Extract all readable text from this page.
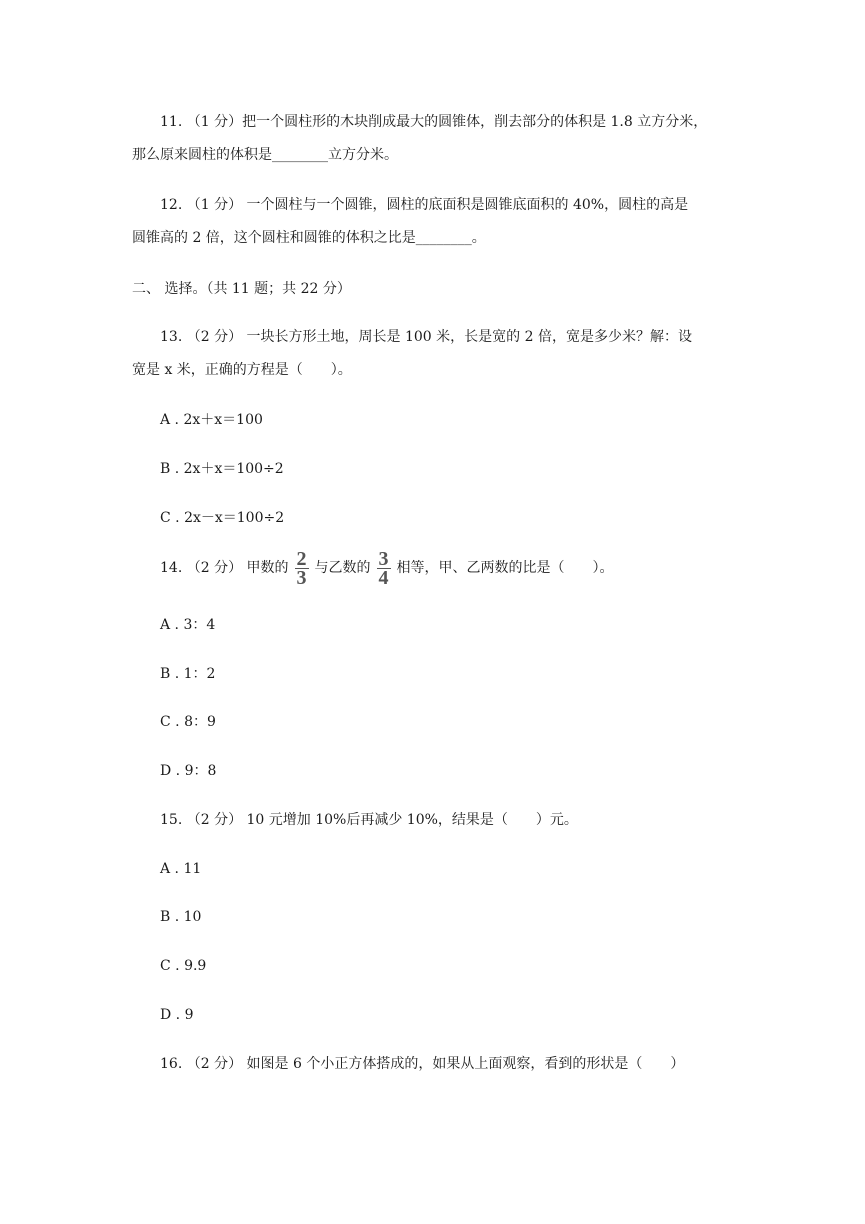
11. （1 分）把一个圆柱形的木块削成最大的圆锥体，削去部分的体积是 1.8 立方分米，
那么原来圆柱的体积是________立方分米。
12. （1 分） 一个圆柱与一个圆锥，圆柱的底面积是圆锥底面积的 40%，圆柱的高是
圆锥高的 2 倍，这个圆柱和圆锥的体积之比是________。
二、 选择。（共 11 题；共 22 分）
13. （2 分） 一块长方形土地，周长是 100 米，长是宽的 2 倍，宽是多少米？解：设
宽是 x 米，正确的方程是（　　）。
A . 2x＋x＝100
B . 2x＋x＝100÷2
C . 2x－x＝100÷2
14. （2 分） 甲数的 $\frac{2}{3}$ 与乙数的 $\frac{3}{4}$ 相等，甲、乙两数的比是（　　）。
A . 3：4
B . 1：2
C . 8：9
D . 9：8
15. （2 分） 10 元增加 10%后再减少 10%，结果是（　　）元。
A . 11
B . 10
C . 9.9
D . 9
16. （2 分） 如图是 6 个小正方体搭成的，如果从上面观察，看到的形状是（　　）
